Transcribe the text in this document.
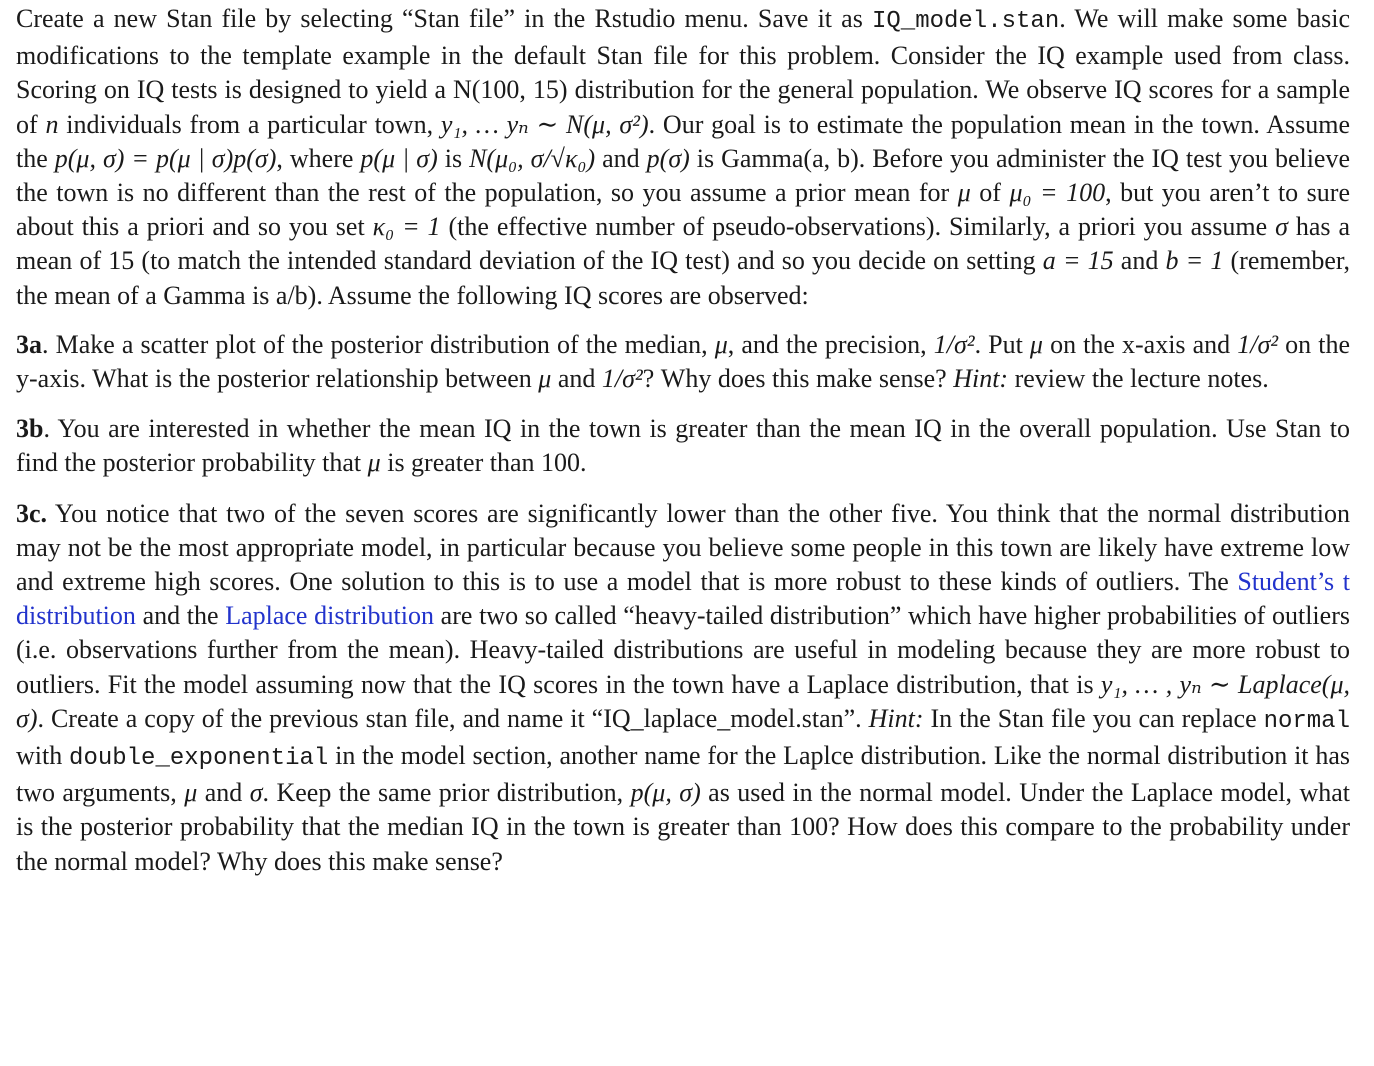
Create a new Stan file by selecting “Stan file” in the Rstudio menu. Save it as IQ_model.stan. We will make some basic modifications to the template example in the default Stan file for this problem. Consider the IQ example used from class. Scoring on IQ tests is designed to yield a N(100, 15) distribution for the general population. We observe IQ scores for a sample of n individuals from a particular town, y₁, … yₙ ∼ N(μ, σ²). Our goal is to estimate the population mean in the town. Assume the p(μ, σ) = p(μ | σ)p(σ), where p(μ | σ) is N(μ₀, σ/√κ₀) and p(σ) is Gamma(a, b). Before you administer the IQ test you believe the town is no different than the rest of the population, so you assume a prior mean for μ of μ₀ = 100, but you aren’t to sure about this a priori and so you set κ₀ = 1 (the effective number of pseudo-observations). Similarly, a priori you assume σ has a mean of 15 (to match the intended standard deviation of the IQ test) and so you decide on setting a = 15 and b = 1 (remember, the mean of a Gamma is a/b). Assume the following IQ scores are observed:

3a. Make a scatter plot of the posterior distribution of the median, μ, and the precision, 1/σ². Put μ on the x-axis and 1/σ² on the y-axis. What is the posterior relationship between μ and 1/σ²? Why does this make sense? Hint: review the lecture notes.

3b. You are interested in whether the mean IQ in the town is greater than the mean IQ in the overall population. Use Stan to find the posterior probability that μ is greater than 100.

3c. You notice that two of the seven scores are significantly lower than the other five. You think that the normal distribution may not be the most appropriate model, in particular because you believe some people in this town are likely have extreme low and extreme high scores. One solution to this is to use a model that is more robust to these kinds of outliers. The Student’s t distribution and the Laplace distribution are two so called “heavy-tailed distribution” which have higher probabilities of outliers (i.e. observations further from the mean). Heavy-tailed distributions are useful in modeling because they are more robust to outliers. Fit the model assuming now that the IQ scores in the town have a Laplace distribution, that is y₁, … , yₙ ∼ Laplace(μ, σ). Create a copy of the previous stan file, and name it “IQ_laplace_model.stan”. Hint: In the Stan file you can replace normal with double_exponential in the model section, another name for the Laplce distribution. Like the normal distribution it has two arguments, μ and σ. Keep the same prior distribution, p(μ, σ) as used in the normal model. Under the Laplace model, what is the posterior probability that the median IQ in the town is greater than 100? How does this compare to the probability under the normal model? Why does this make sense?
